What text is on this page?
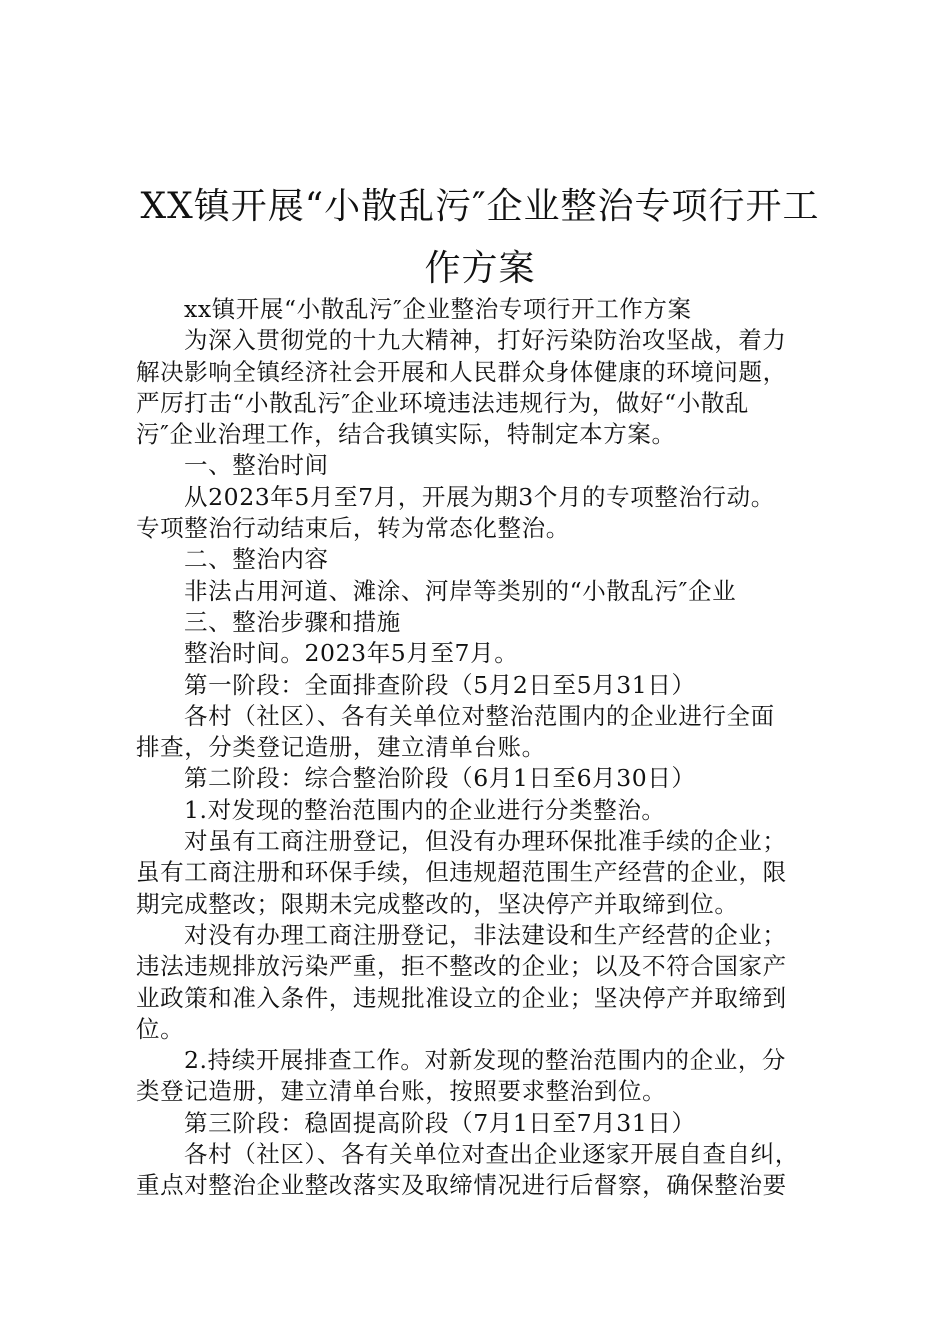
XX镇开展“小散乱污″企业整治专项行开工
作方案

xx镇开展“小散乱污″企业整治专项行开工作方案

为深入贯彻党的十九大精神，打好污染防治攻坚战，着力

解决影响全镇经济社会开展和人民群众身体健康的环境问题，

严厉打击“小散乱污″企业环境违法违规行为，做好“小散乱

污″企业治理工作，结合我镇实际，特制定本方案。

一、整治时间

从2023年5月至7月，开展为期3个月的专项整治行动。

专项整治行动结束后，转为常态化整治。

二、整治内容

非法占用河道、滩涂、河岸等类别的“小散乱污″企业

三、整治步骤和措施

整治时间。2023年5月至7月。

第一阶段：全面排查阶段（5月2日至5月31日）

各村（社区）、各有关单位对整治范围内的企业进行全面

排查，分类登记造册，建立清单台账。

第二阶段：综合整治阶段（6月1日至6月30日）

1.对发现的整治范围内的企业进行分类整治。

对虽有工商注册登记，但没有办理环保批准手续的企业；

虽有工商注册和环保手续，但违规超范围生产经营的企业，限

期完成整改；限期未完成整改的，坚决停产并取缔到位。

对没有办理工商注册登记，非法建设和生产经营的企业；

违法违规排放污染严重，拒不整改的企业；以及不符合国家产

业政策和准入条件，违规批准设立的企业；坚决停产并取缔到

位。

2.持续开展排查工作。对新发现的整治范围内的企业，分

类登记造册，建立清单台账，按照要求整治到位。

第三阶段：稳固提高阶段（7月1日至7月31日）

各村（社区）、各有关单位对查出企业逐家开展自查自纠，

重点对整治企业整改落实及取缔情况进行后督察，确保整治要
